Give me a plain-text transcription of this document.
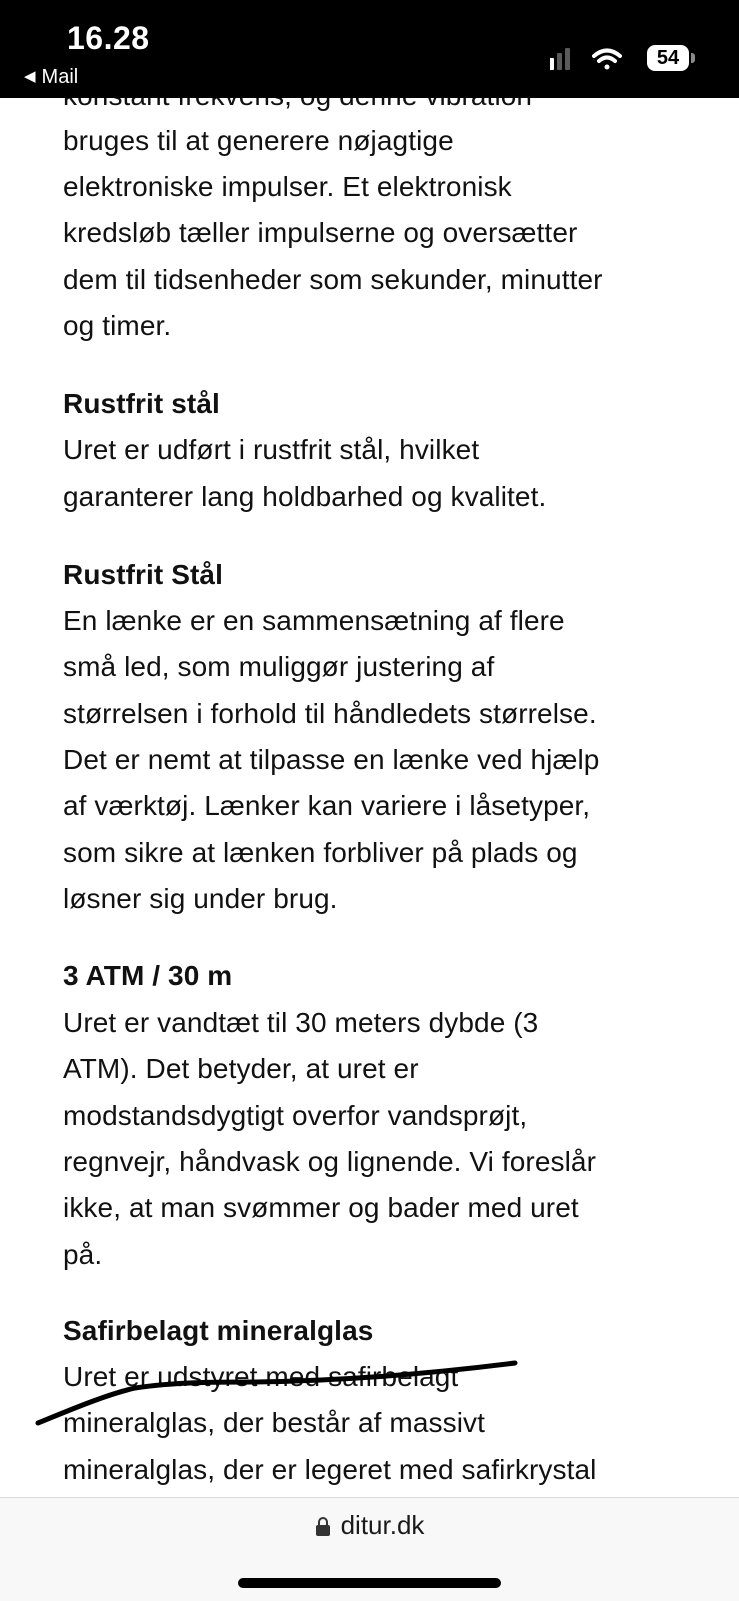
bruges til at generere nøjagtige

elektroniske impulser. Et elektronisk

kredsløb tæller impulserne og oversætter

dem til tidsenheder som sekunder, minutter

og timer.

Rustfrit stål

Uret er udført i rustfrit stål, hvilket

garanterer lang holdbarhed og kvalitet.

Rustfrit Stål

En lænke er en sammensætning af flere

små led, som muliggør justering af

størrelsen i forhold til håndledets størrelse.

Det er nemt at tilpasse en lænke ved hjælp

af værktøj. Lænker kan variere i låsetyper,

som sikre at lænken forbliver på plads og

løsner sig under brug.

3 ATM / 30 m

Uret er vandtæt til 30 meters dybde (3

ATM). Det betyder, at uret er

modstandsdygtigt overfor vandsprøjt,

regnvejr, håndvask og lignende. Vi foreslår

ikke, at man svømmer og bader med uret

på.

Safirbelagt mineralglas

Uret er udstyret med safirbelagt

mineralglas, der består af massivt

mineralglas, der er legeret med safirkrystal

16.28
◀ Mail
54
ditur.dk
